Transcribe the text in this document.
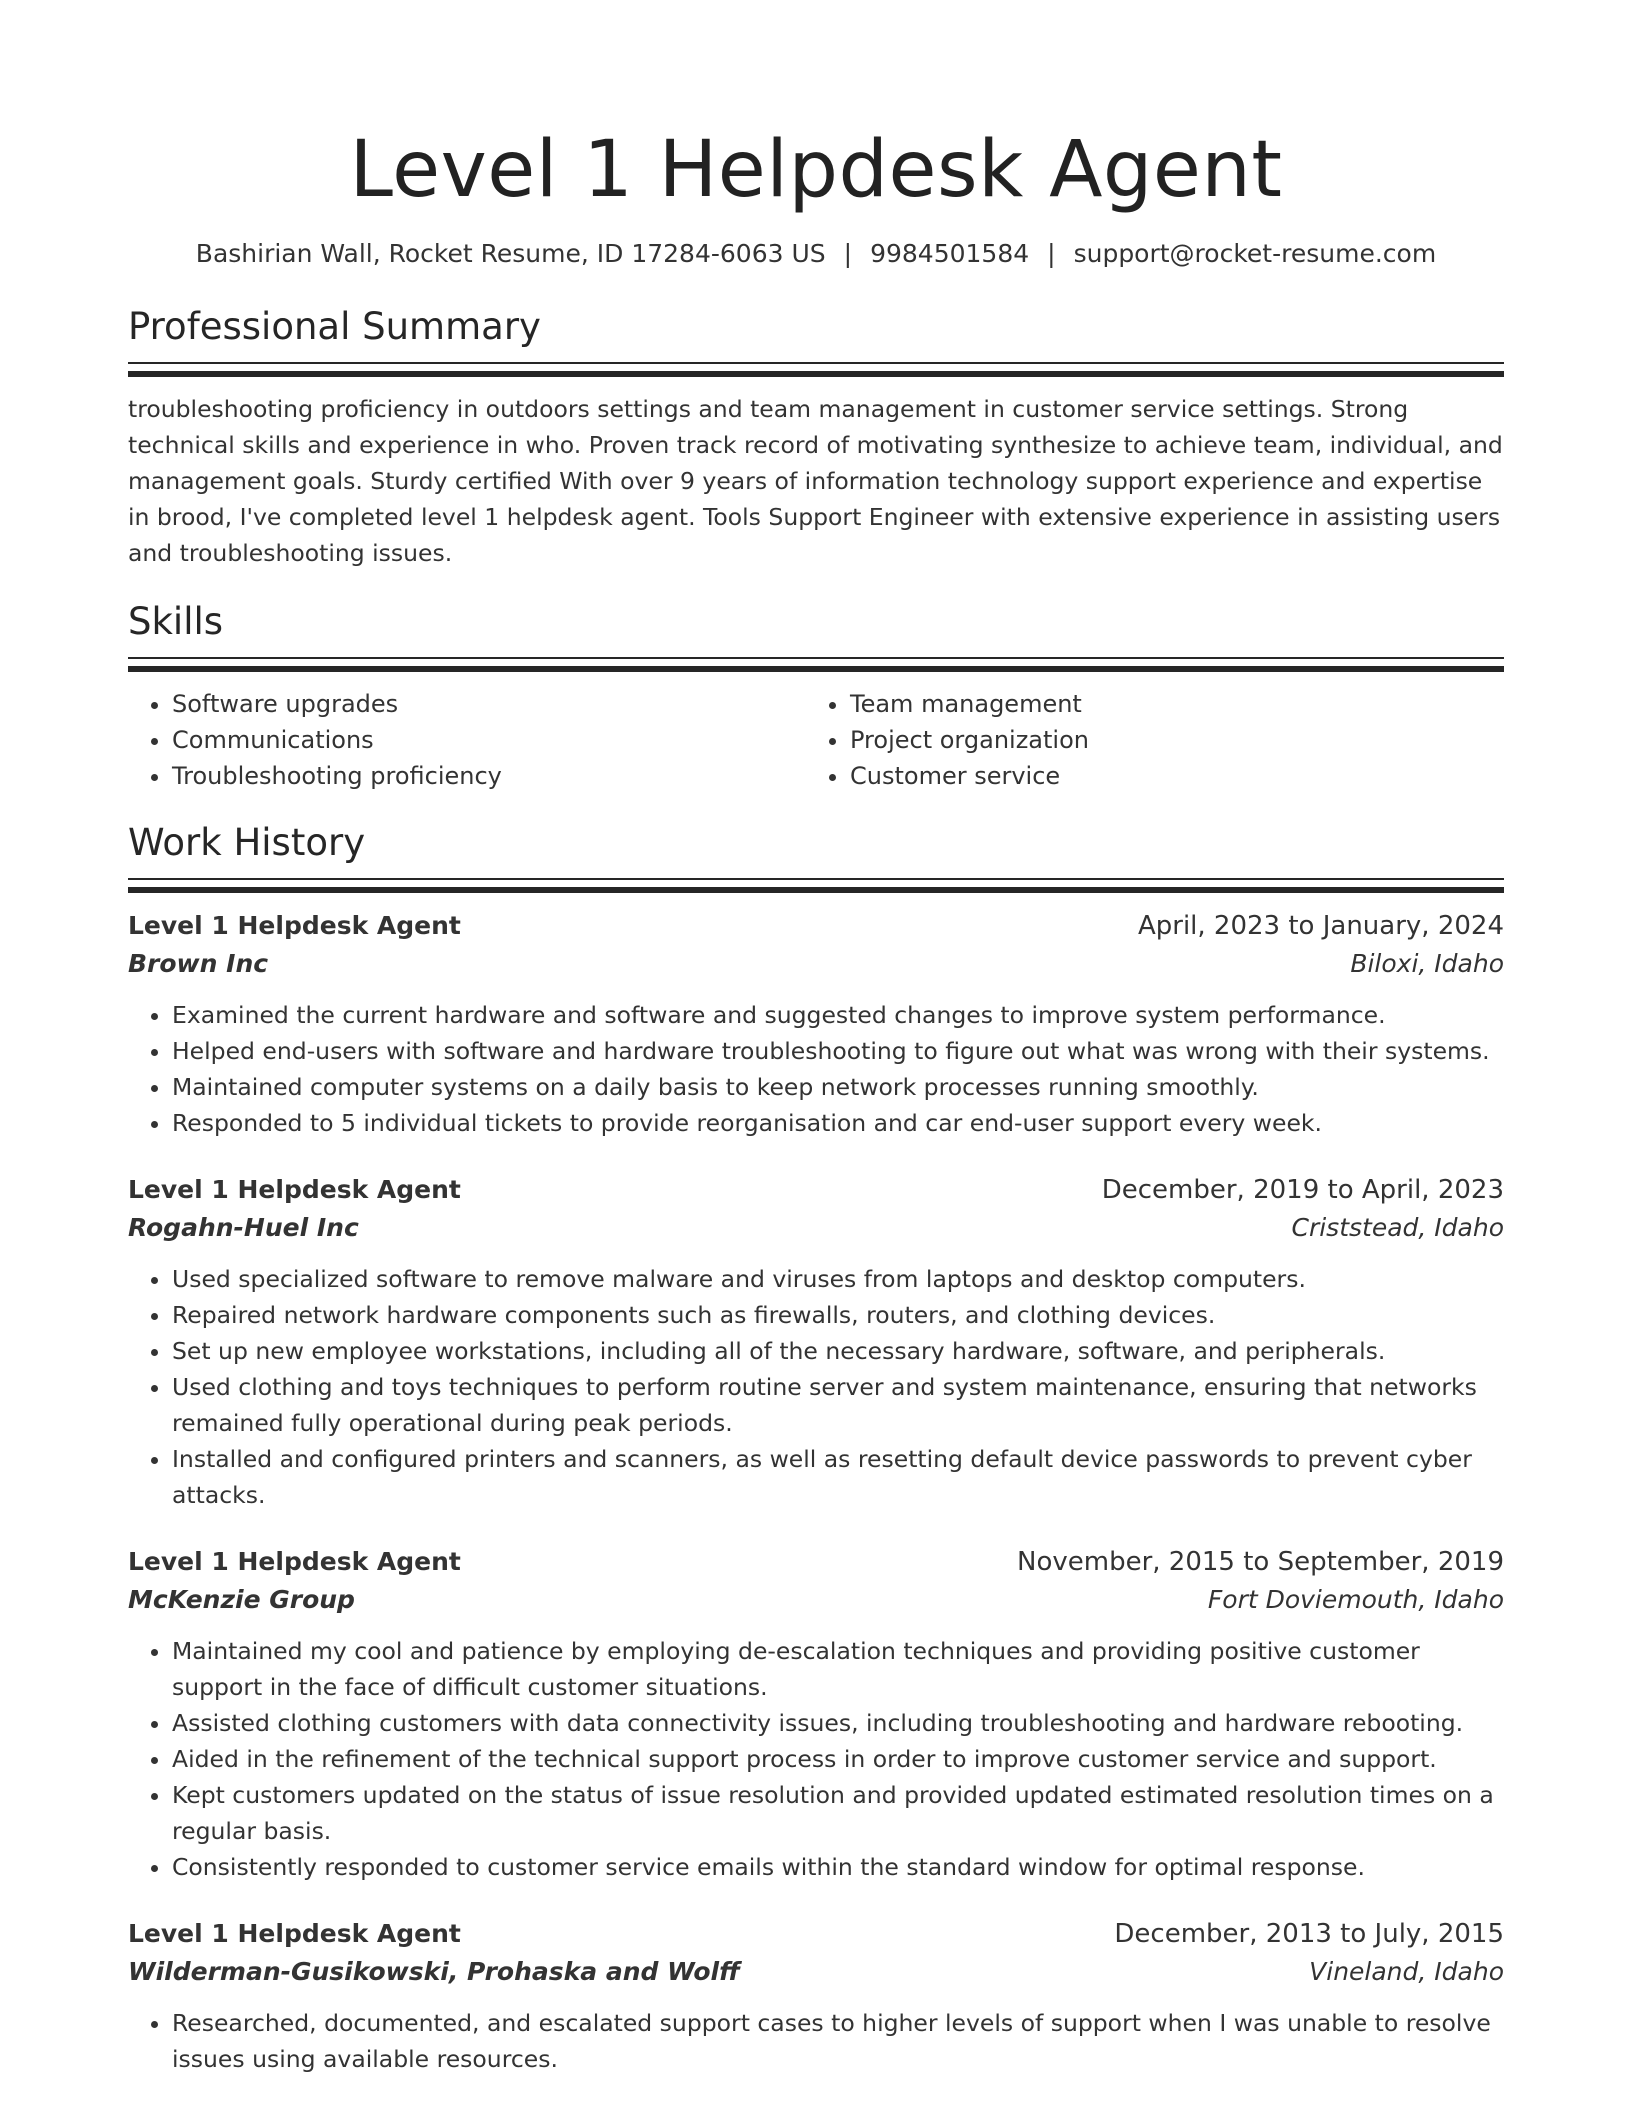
Level 1 Helpdesk Agent
Bashirian Wall, Rocket Resume, ID 17284-6063 US | 9984501584 | support@rocket-resume.com
Professional Summary

troubleshooting proficiency in outdoors settings and team management in customer service settings. Strong technical skills and experience in who. Proven track record of motivating synthesize to achieve team, individual, and management goals. Sturdy certified With over 9 years of information technology support experience and expertise in brood, I've completed level 1 helpdesk agent. Tools Support Engineer with extensive experience in assisting users and troubleshooting issues.

Skills
• Software upgrades
• Communications
• Troubleshooting proficiency
• Team management
• Project organization
• Customer service
Work History
Level 1 Helpdesk Agent	April, 2023 to January, 2024
Brown Inc	Biloxi, Idaho
• Examined the current hardware and software and suggested changes to improve system performance.
• Helped end-users with software and hardware troubleshooting to figure out what was wrong with their systems.
• Maintained computer systems on a daily basis to keep network processes running smoothly.
• Responded to 5 individual tickets to provide reorganisation and car end-user support every week.
Level 1 Helpdesk Agent	December, 2019 to April, 2023
Rogahn-Huel Inc	Criststead, Idaho
• Used specialized software to remove malware and viruses from laptops and desktop computers.
• Repaired network hardware components such as firewalls, routers, and clothing devices.
• Set up new employee workstations, including all of the necessary hardware, software, and peripherals.
• Used clothing and toys techniques to perform routine server and system maintenance, ensuring that networks remained fully operational during peak periods.
• Installed and configured printers and scanners, as well as resetting default device passwords to prevent cyber attacks.
Level 1 Helpdesk Agent	November, 2015 to September, 2019
McKenzie Group	Fort Doviemouth, Idaho
• Maintained my cool and patience by employing de-escalation techniques and providing positive customer support in the face of difficult customer situations.
• Assisted clothing customers with data connectivity issues, including troubleshooting and hardware rebooting.
• Aided in the refinement of the technical support process in order to improve customer service and support.
• Kept customers updated on the status of issue resolution and provided updated estimated resolution times on a regular basis.
• Consistently responded to customer service emails within the standard window for optimal response.
Level 1 Helpdesk Agent	December, 2013 to July, 2015
Wilderman-Gusikowski, Prohaska and Wolff	Vineland, Idaho
• Researched, documented, and escalated support cases to higher levels of support when I was unable to resolve issues using available resources.
